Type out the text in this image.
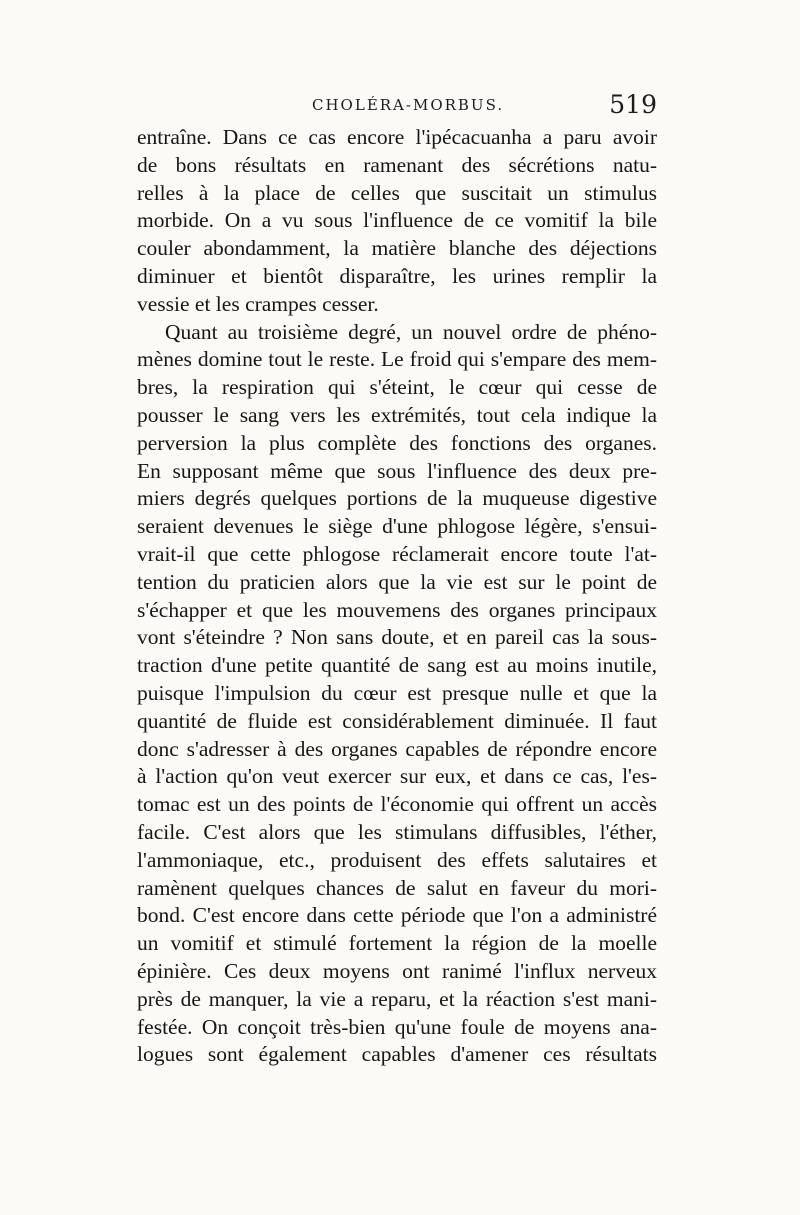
CHOLÉRA-MORBUS.	519
entraîne. Dans ce cas encore l'ipécacuanha a paru avoir
de bons résultats en ramenant des sécrétions natu-
relles à la place de celles que suscitait un stimulus
morbide. On a vu sous l'influence de ce vomitif la bile
couler abondamment, la matière blanche des déjections
diminuer et bientôt disparaître, les urines remplir la
vessie et les crampes cesser.
Quant au troisième degré, un nouvel ordre de phéno-
mènes domine tout le reste. Le froid qui s'empare des mem-
bres, la respiration qui s'éteint, le cœur qui cesse de
pousser le sang vers les extrémités, tout cela indique la
perversion la plus complète des fonctions des organes.
En supposant même que sous l'influence des deux pre-
miers degrés quelques portions de la muqueuse digestive
seraient devenues le siège d'une phlogose légère, s'ensui-
vrait-il que cette phlogose réclamerait encore toute l'at-
tention du praticien alors que la vie est sur le point de
s'échapper et que les mouvemens des organes principaux
vont s'éteindre ? Non sans doute, et en pareil cas la sous-
traction d'une petite quantité de sang est au moins inutile,
puisque l'impulsion du cœur est presque nulle et que la
quantité de fluide est considérablement diminuée. Il faut
donc s'adresser à des organes capables de répondre encore
à l'action qu'on veut exercer sur eux, et dans ce cas, l'es-
tomac est un des points de l'économie qui offrent un accès
facile. C'est alors que les stimulans diffusibles, l'éther,
l'ammoniaque, etc., produisent des effets salutaires et
ramènent quelques chances de salut en faveur du mori-
bond. C'est encore dans cette période que l'on a administré
un vomitif et stimulé fortement la région de la moelle
épinière. Ces deux moyens ont ranimé l'influx nerveux
près de manquer, la vie a reparu, et la réaction s'est mani-
festée. On conçoit très-bien qu'une foule de moyens ana-
logues sont également capables d'amener ces résultats
